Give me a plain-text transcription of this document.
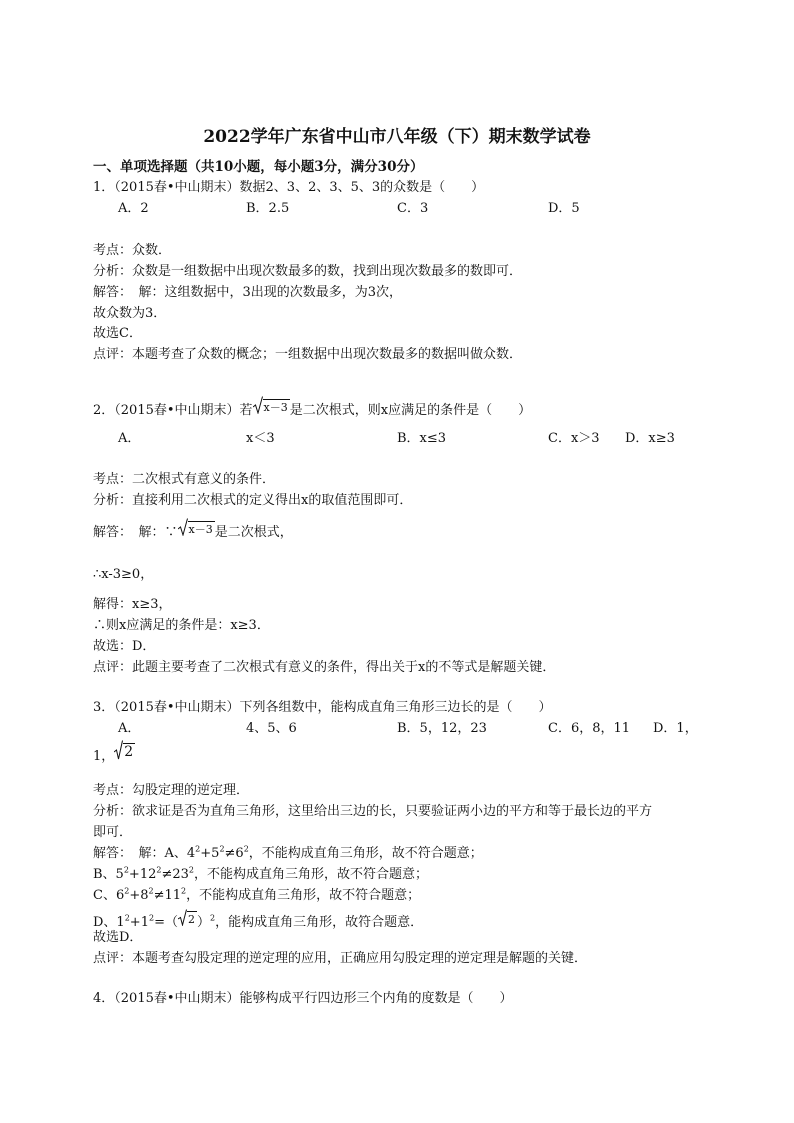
2022学年广东省中山市八年级（下）期末数学试卷
一、单项选择题（共10小题，每小题3分，满分30分）
1．（2015春•中山期末）数据2、3、2、3、5、3的众数是（　　）
A．2	B．2.5	C．3	D．5
考点：众数．
分析：众数是一组数据中出现次数最多的数，找到出现次数最多的数即可．
解答：　解：这组数据中，3出现的次数最多，为3次，
故众数为3．
故选C．
点评：本题考查了众数的概念；一组数据中出现次数最多的数据叫做众数．
2．（2015春•中山期末）若 x－3 是二次根式，则x应满足的条件是（　　）
A．	x＜3	B．x≤3	C．x＞3 D．x≥3
考点：二次根式有意义的条件．
分析：直接利用二次根式的定义得出x的取值范围即可．
解答：　解：∵ x－3 是二次根式，
∴x-3≥0，
解得：x≥3，
∴则x应满足的条件是：x≥3．
故选：D．
点评：此题主要考查了二次根式有意义的条件，得出关于x的不等式是解题关键．
3．（2015春•中山期末）下列各组数中，能构成直角三角形三边长的是（　　）
A．	4、5、6	B．5，12，23	C．6，8，11 D．1，
1， 2
考点：勾股定理的逆定理．
分析：欲求证是否为直角三角形，这里给出三边的长，只要验证两小边的平方和等于最长边的平方
即可．
解答：　解：A、$4^2+5^2\ne 6^2$，不能构成直角三角形，故不符合题意；
B、$5^2+12^2\ne 23^2$，不能构成直角三角形，故不符合题意；
C、$6^2+8^2\ne 11^2$，不能构成直角三角形，故不符合题意；
D、$1^2+1^2=$（ 2 ）$^2$，能构成直角三角形，故符合题意．
故选D．
点评：本题考查勾股定理的逆定理的应用，正确应用勾股定理的逆定理是解题的关键．
4．（2015春•中山期末）能够构成平行四边形三个内角的度数是（　　）
